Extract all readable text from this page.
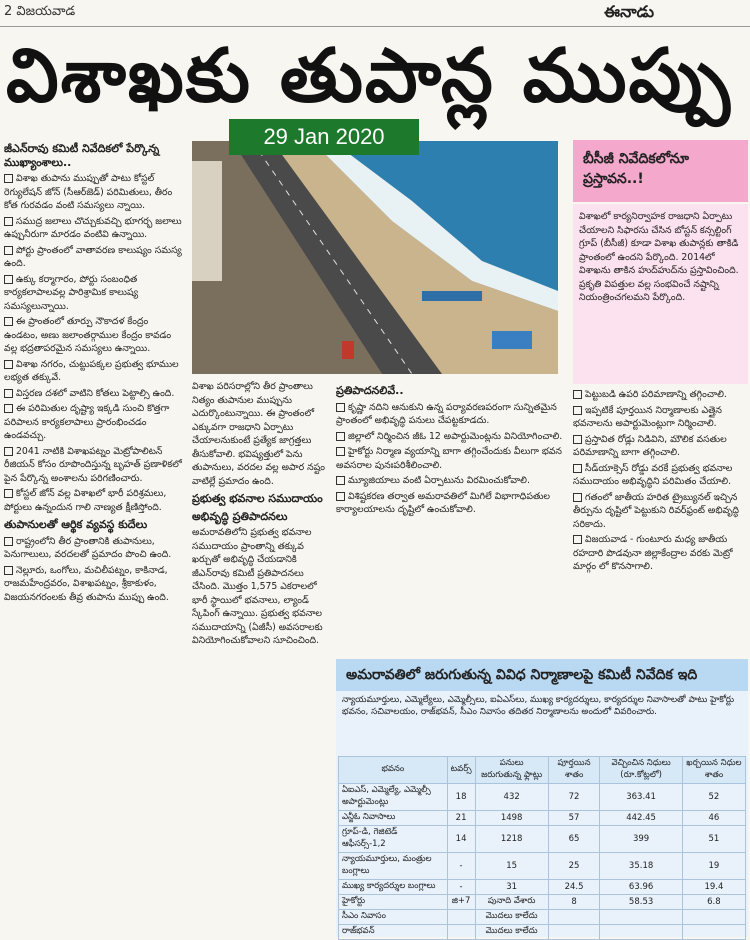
2 విజయవాడ	ఈనాడు
విశాఖకు తుపాన్ల ముప్పు
జీఎన్‌రావు కమిటీ నివేదికలో పేర్కొన్న ముఖ్యాంశాలు..

విశాఖ తుపాను ముప్పుతో పాటు కోస్టల్ రెగ్యులేషన్ జోన్ (సీఆర్‌జెడ్) పరిమితులు, తీరం కోత గురవడం వంటి సమస్యలు న్నాయి.

సముద్ర జలాలు చొచ్చుకువచ్చి భూగర్భ జలాలు ఉప్పునీరుగా మారడం వంటివి ఉన్నాయి.

పోర్టు ప్రాంతంలో వాతావరణ కాలుష్యం సమస్య ఉంది.

ఉక్కు కర్మాగారం, పోర్టు సంబంధిత కార్యకలాపాలవల్ల పారిశ్రామిక కాలుష్య సమస్యలున్నాయి.

ఈ ప్రాంతంలో తూర్పు నౌకాదళ కేంద్రం ఉండటం, అణు జలాంతర్గాముల కేంద్రం కావడం వల్ల భద్రతాపరమైన సమస్యలు ఉన్నాయి.

విశాఖ నగరం, చుట్టుపక్కల ప్రభుత్వ భూముల లభ్యత తక్కువే.

విస్తరణ దశలో వాటిని కోతలు పెట్టాల్సి ఉంది.

ఈ పరిమితుల దృష్ట్యా ఇక్కడి సుంచి కొత్తగా పరిపాలన కార్యకలాపాలు ప్రారంభించడం ఉండవచ్చు.

2041 నాటికి విశాఖపట్నం మెట్రోపాలిటన్ రీజియన్ కోసం రూపొందిస్తున్న బృహత్ ప్రణాళికలో పైన పేర్కొన్న అంశాలను పరిగణించారు.

కోస్టల్ జోన్ వల్ల విశాఖలో భారీ పరిశ్రమలు, పోర్టులు ఉన్నందున గాలి నాణ్యత క్షీణిస్తోంది.

తుపానులతో ఆర్థిక వ్యవస్థ కుదేలు

రాష్ట్రంలోని తీర ప్రాంతానికి తుపానులు, పెనుగాలులు, వరదలతో ప్రమాదం పొంచి ఉంది.

నెల్లూరు, ఒంగోలు, మచిలీపట్నం, కాకినాడ, రాజమహేంద్రవరం, విశాఖపట్నం, శ్రీకాకుళం, విజయనగరంలకు తీవ్ర తుపాను ముప్పు ఉంది.

29 Jan 2020
బీసీజీ నివేదికలోనూ ప్రస్తావన..!
విశాఖలో కార్యనిర్వాహక రాజధాని ఏర్పాటు చేయాలని సిఫారసు చేసిన బోస్టన్ కన్సల్టింగ్ గ్రూప్ (బీసీజీ) కూడా విశాఖ తుపాన్లకు తాకిడి ప్రాంతంలో ఉందని పేర్కొంది. 2014లో విశాఖను తాకిన హుద్‌హుద్‌ను ప్రస్తావించింది. ప్రకృతి విపత్తుల వల్ల సంభవించే నష్టాన్ని నియంత్రించగలమని పేర్కొంది.

విశాఖ పరిసరాల్లోని తీర ప్రాంతాలు నిత్యం తుపానుల ముప్పును ఎదుర్కొంటున్నాయి. ఈ ప్రాంతంలో ఎక్కువగా రాజధాని ఏర్పాటు చేయాలనుకుంటే ప్రత్యేక జాగ్రత్తలు తీసుకోవాలి. భవిష్యత్తులో పెను తుపానులు, వరదల వల్ల అపార నష్టం వాటిల్లే ప్రమాదం ఉంది.

ప్రభుత్వ భవనాల సముదాయం
అభివృద్ధి ప్రతిపాదనలు

అమరావతిలోని ప్రభుత్వ భవనాల సముదాయం ప్రాంతాన్ని తక్కువ ఖర్చుతో అభివృద్ధి చేయడానికి జీఎన్‌రావు కమిటీ ప్రతిపాదనలు చేసింది. మొత్తం 1,575 ఎకరాలలో భారీ స్థాయిలో భవనాలు, ల్యాండ్ స్కేపింగ్ ఉన్నాయి. ప్రభుత్వ భవనాల సముదాయాన్ని (ఏజీసీ) అవసరాలకు వినియోగించుకోవాలని సూచించింది.

ప్రతిపాదనలివే..

కృష్ణా నదిని ఆనుకుని ఉన్న పర్యావరణపరంగా సున్నితమైన ప్రాంతంలో అభివృద్ధి పనులు చేపట్టకూడదు.

జిల్లాలో నిర్మించిన జీఓ 12 అపార్టుమెంట్లను వినియోగించాలి.

హైకోర్టు నిర్మాణ వ్యయాన్ని బాగా తగ్గించేందుకు వీలుగా భవన అవసరాల పునఃపరిశీలించాలి.

మ్యూజియాలు వంటి ఏర్పాటును విరమించుకోవాలి.

విశిష్టకరణ తర్వాత అమరావతిలో మిగిలే విభాగాధిపతుల కార్యాలయాలను దృష్టిలో ఉంచుకోవాలి.

పెట్టుబడి ఉపరి పరిమాణాన్ని తగ్గించాలి.

ఇప్పటికే పూర్తయిన నిర్మాణాలకు ఎత్తైన భవనాలను అపార్టుమెంట్లుగా నిర్మించాలి.

ప్రస్తావిత రోడ్లు నిడివిని, మౌలిక వసతుల పరిమాణాన్ని బాగా తగ్గించాలి.

సీడ్‌యాక్సెస్ రోడ్డు వరకే ప్రభుత్వ భవనాల సముదాయం అభివృద్ధిని పరిమితం చేయాలి.

గతంలో జాతీయ హరిత ట్రైబ్యునల్ ఇచ్చిన తీర్పును దృష్టిలో పెట్టుకుని రివర్‌ఫ్రంట్ అభివృద్ధి సరికాదు.

విజయవాడ - గుంటూరు మధ్య జాతీయ రహదారి పొడవునా జిల్లాకేంద్రాల వరకు మెట్రో మార్గం లో కొనసాగాలి.

అమరావతిలో జరుగుతున్న వివిధ నిర్మాణాలపై కమిటీ నివేదిక ఇది
న్యాయమూర్తులు, ఎమ్మెల్యేలు, ఎమ్మెల్సీలు, ఐఏఎస్‌లు, ముఖ్య కార్యదర్శులు, కార్యదర్శుల నివాసాలతో పాటు హైకోర్టు భవనం, సచివాలయం, రాజ్‌భవన్, సీఎం నివాసం తదితర నిర్మాణాలను అందులో వివరించారు.
భవనం	టవర్స్	పనులు జరుగుతున్న ఫ్లాట్లు	పూర్తయిన శాతం	వెచ్చించిన నిధులు (రూ.కోట్లలో)	ఖర్చయిన నిధుల శాతం
ఏఐఎస్, ఎమ్మెల్యే, ఎమ్మెల్సీ అపార్టుమెంట్లు	18	432	72	363.41	52
ఎన్జీఓ నివాసాలు	21	1498	57	442.45	46
గ్రూప్-డి, గెజిటెడ్ ఆఫీసర్స్-1,2	14	1218	65	399	51
న్యాయమూర్తులు, మంత్రుల బంగ్లాలు	-	15	25	35.18	19
ముఖ్య కార్యదర్శుల బంగ్లాలు	-	31	24.5	63.96	19.4
హైకోర్టు	జి+7	పునాది వేశారు	8	58.53	6.8
సీఎం నివాసం		మొదలు కాలేదు			
రాజ్‌భవన్		మొదలు కాలేదు			
